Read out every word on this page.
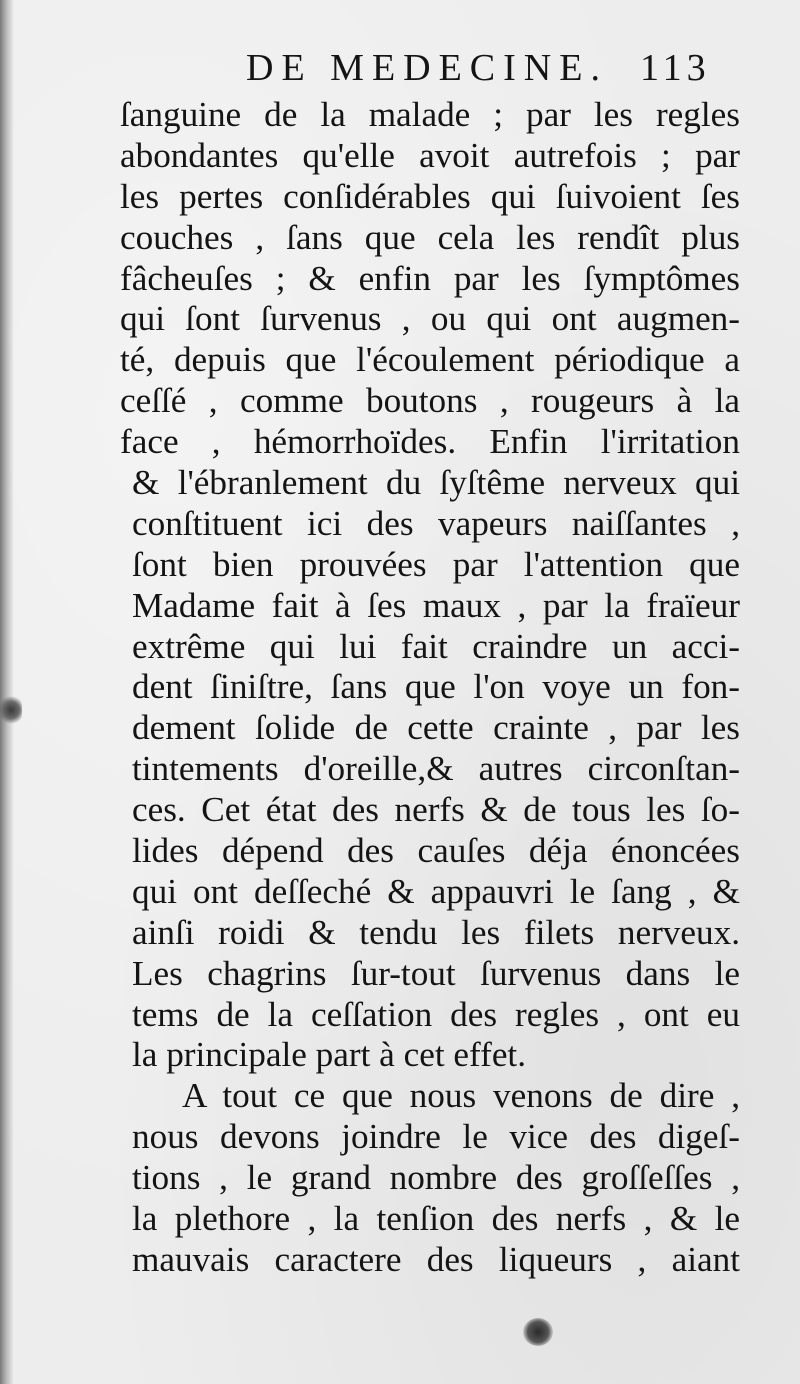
DE MEDECINE. 113
ſanguine de la malade ; par les regles
abondantes qu'elle avoit autrefois ; par
les pertes conſidérables qui ſuivoient ſes
couches , ſans que cela les rendît plus
fâcheuſes ; & enfin par les ſymptômes
qui ſont ſurvenus , ou qui ont augmen-
té, depuis que l'écoulement périodique a
ceſſé , comme boutons , rougeurs à la
face , hémorrhoïdes. Enfin l'irritation
& l'ébranlement du ſyſtême nerveux qui
conſtituent ici des vapeurs naiſſantes ,
ſont bien prouvées par l'attention que
Madame fait à ſes maux , par la fraïeur
extrême qui lui fait craindre un acci-
dent ſiniſtre, ſans que l'on voye un fon-
dement ſolide de cette crainte , par les
tintements d'oreille,& autres circonſtan-
ces. Cet état des nerfs & de tous les ſo-
lides dépend des cauſes déja énoncées
qui ont deſſeché & appauvri le ſang , &
ainſi roidi & tendu les filets nerveux.
Les chagrins ſur-tout ſurvenus dans le
tems de la ceſſation des regles , ont eu
la principale part à cet effet.
A tout ce que nous venons de dire ,
nous devons joindre le vice des digeſ-
tions , le grand nombre des groſſeſſes ,
la plethore , la tenſion des nerfs , & le
mauvais caractere des liqueurs , aiant
